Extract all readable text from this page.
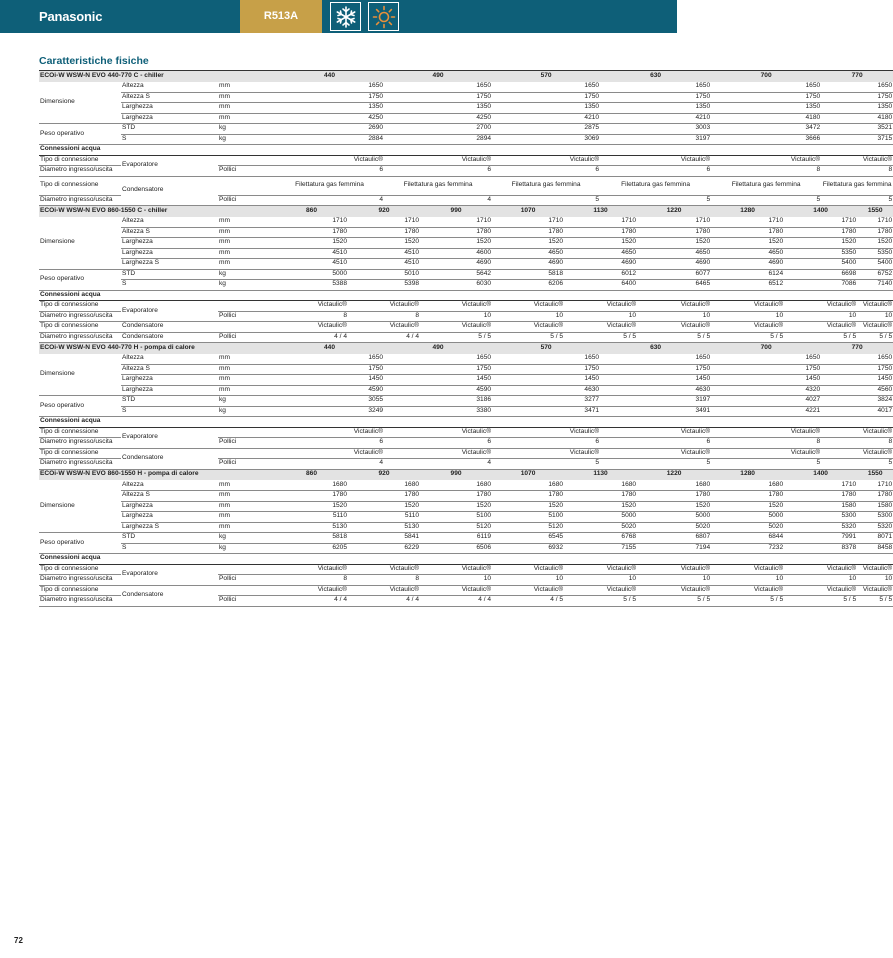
Panasonic	R513A
Caratteristiche fisiche
ECOi-W WSW-N EVO 440-770 C - chiller			440		490		570		630		700		770	
Dimensione	Altezza	mm	1650		1650		1650		1650		1650		1650	
	Altezza S	mm	1750		1750		1750		1750		1750		1750	
	Larghezza	mm	1350		1350		1350		1350		1350		1350	
	Larghezza	mm	4250		4250		4210		4210		4180		4180	
Peso operativo	STD	kg	2690		2700		2875		3003		3472		3521	
	S	kg	2884		2894		3069		3197		3666		3715	
Connessioni acqua														
Tipo di connessione	Evaporatore		Victaulic®		Victaulic®		Victaulic®		Victaulic®		Victaulic®		Victaulic®	
Diametro ingresso/uscita		Pollici	6		6		6		6		8		8	
Tipo di connessione	Condensatore		Filettatura gas femmina		Filettatura gas femmina		Filettatura gas femmina		Filettatura gas femmina		Filettatura gas femmina		Filettatura gas femmina	
Diametro ingresso/uscita		Pollici	4		4		5		5		5		5	
ECOi-W WSW-N EVO 860-1550 C - chiller			860	920		990	1070	1130		1220	1280	1400		1550
Dimensione	Altezza	mm	1710	1710		1710	1710	1710		1710	1710	1710		1710
	Altezza S	mm	1780	1780		1780	1780	1780		1780	1780	1780		1780
	Larghezza	mm	1520	1520		1520	1520	1520		1520	1520	1520		1520
	Larghezza	mm	4510	4510		4600	4650	4650		4650	4650	5350		5350
	Larghezza S	mm	4510	4510		4690	4690	4690		4690	4690	5400		5400
Peso operativo	STD	kg	5000	5010		5642	5818	6012		6077	6124	6698		6752
	S	kg	5388	5398		6030	6206	6400		6465	6512	7086		7140
Connessioni acqua														
Tipo di connessione	Evaporatore		Victaulic®	Victaulic®		Victaulic®	Victaulic®	Victaulic®		Victaulic®	Victaulic®	Victaulic®		Victaulic®
Diametro ingresso/uscita		Pollici	8	8		10	10	10		10	10	10		10
Tipo di connessione	Condensatore		Victaulic®	Victaulic®		Victaulic®	Victaulic®	Victaulic®		Victaulic®	Victaulic®	Victaulic®		Victaulic®
Diametro ingresso/uscita	Condensatore	Pollici	4 / 4	4 / 4		5 / 5	5 / 5	5 / 5		5 / 5	5 / 5	5 / 5		5 / 5
ECOi-W WSW-N EVO 440-770 H - pompa di calore			440		490		570		630		700		770	
Dimensione	Altezza	mm	1650		1650		1650		1650		1650		1650	
	Altezza S	mm	1750		1750		1750		1750		1750		1750	
	Larghezza	mm	1450		1450		1450		1450		1450		1450	
	Larghezza	mm	4590		4590		4630		4630		4320		4560	
Peso operativo	STD	kg	3055		3186		3277		3197		4027		3824	
	S	kg	3249		3380		3471		3491		4221		4017	
Connessioni acqua														
Tipo di connessione	Evaporatore		Victaulic®		Victaulic®		Victaulic®		Victaulic®		Victaulic®		Victaulic®	
Diametro ingresso/uscita		Pollici	6		6		6		6		8		8	
Tipo di connessione	Condensatore		Victaulic®		Victaulic®		Victaulic®		Victaulic®		Victaulic®		Victaulic®	
Diametro ingresso/uscita		Pollici	4		4		5		5		5		5	
ECOi-W WSW-N EVO 860-1550 H - pompa di calore			860	920		990	1070	1130		1220	1280	1400		1550
Dimensione	Altezza	mm	1680	1680		1680	1680	1680		1680	1680	1710		1710
	Altezza S	mm	1780	1780		1780	1780	1780		1780	1780	1780		1780
	Larghezza	mm	1520	1520		1520	1520	1520		1520	1520	1580		1580
	Larghezza	mm	5110	5110		5100	5100	5000		5000	5000	5300		5300
	Larghezza S	mm	5130	5130		5120	5120	5020		5020	5020	5320		5320
Peso operativo	STD	kg	5818	5841		6119	6545	6768		6807	6844	7991		8071
	S	kg	6205	6229		6506	6932	7155		7194	7232	8378		8458
Connessioni acqua														
Tipo di connessione	Evaporatore		Victaulic®	Victaulic®		Victaulic®	Victaulic®	Victaulic®		Victaulic®	Victaulic®	Victaulic®		Victaulic®
Diametro ingresso/uscita		Pollici	8	8		10	10	10		10	10	10		10
Tipo di connessione	Condensatore		Victaulic®	Victaulic®		Victaulic®	Victaulic®	Victaulic®		Victaulic®	Victaulic®	Victaulic®		Victaulic®
Diametro ingresso/uscita		Pollici	4 / 4	4 / 4		4 / 4	4 / 5	5 / 5		5 / 5	5 / 5	5 / 5		5 / 5
72
